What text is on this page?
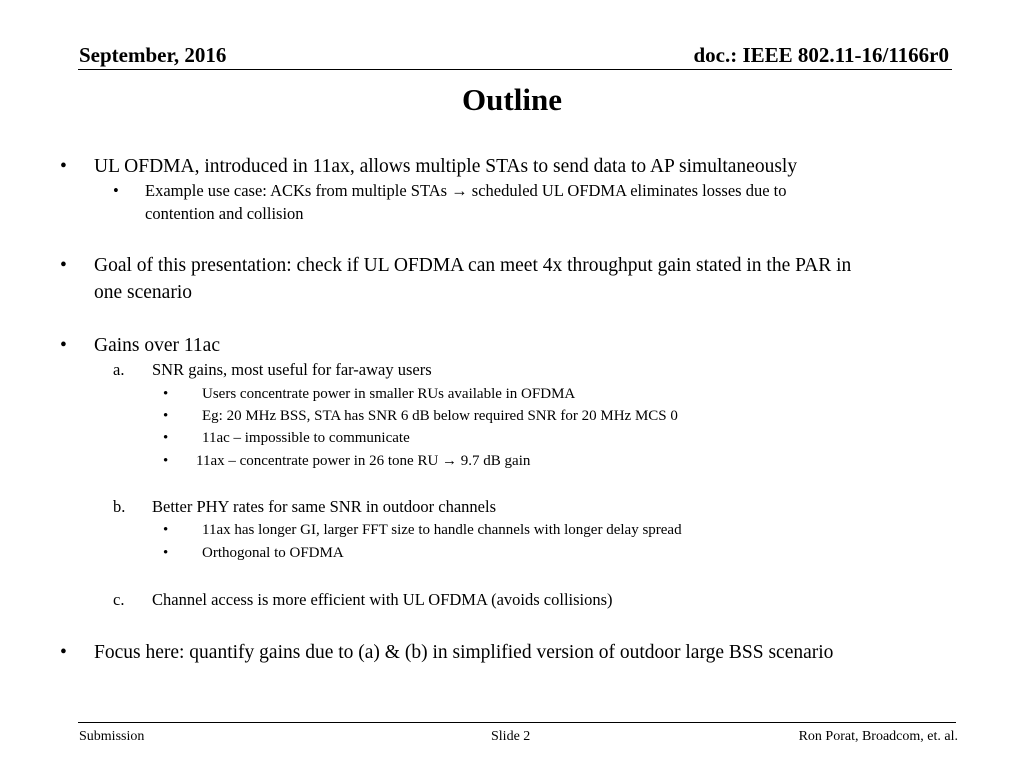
September, 2016	doc.: IEEE 802.11-16/1166r0
Outline
• UL OFDMA, introduced in 11ax, allows multiple STAs to send data to AP simultaneously
• Example use case: ACKs from multiple STAs → scheduled UL OFDMA eliminates losses due to
contention and collision
• Goal of this presentation: check if UL OFDMA can meet 4x throughput gain stated in the PAR in
one scenario
• Gains over 11ac
a. SNR gains, most useful for far-away users
• Users concentrate power in smaller RUs available in OFDMA
• Eg: 20 MHz BSS, STA has SNR 6 dB below required SNR for 20 MHz MCS 0
• 11ac – impossible to communicate
• 11ax – concentrate power in 26 tone RU → 9.7 dB gain
b. Better PHY rates for same SNR in outdoor channels
• 11ax has longer GI, larger FFT size to handle channels with longer delay spread
• Orthogonal to OFDMA
c. Channel access is more efficient with UL OFDMA (avoids collisions)
• Focus here: quantify gains due to (a) & (b) in simplified version of outdoor large BSS scenario
Submission	Slide 2	Ron Porat, Broadcom, et. al.
